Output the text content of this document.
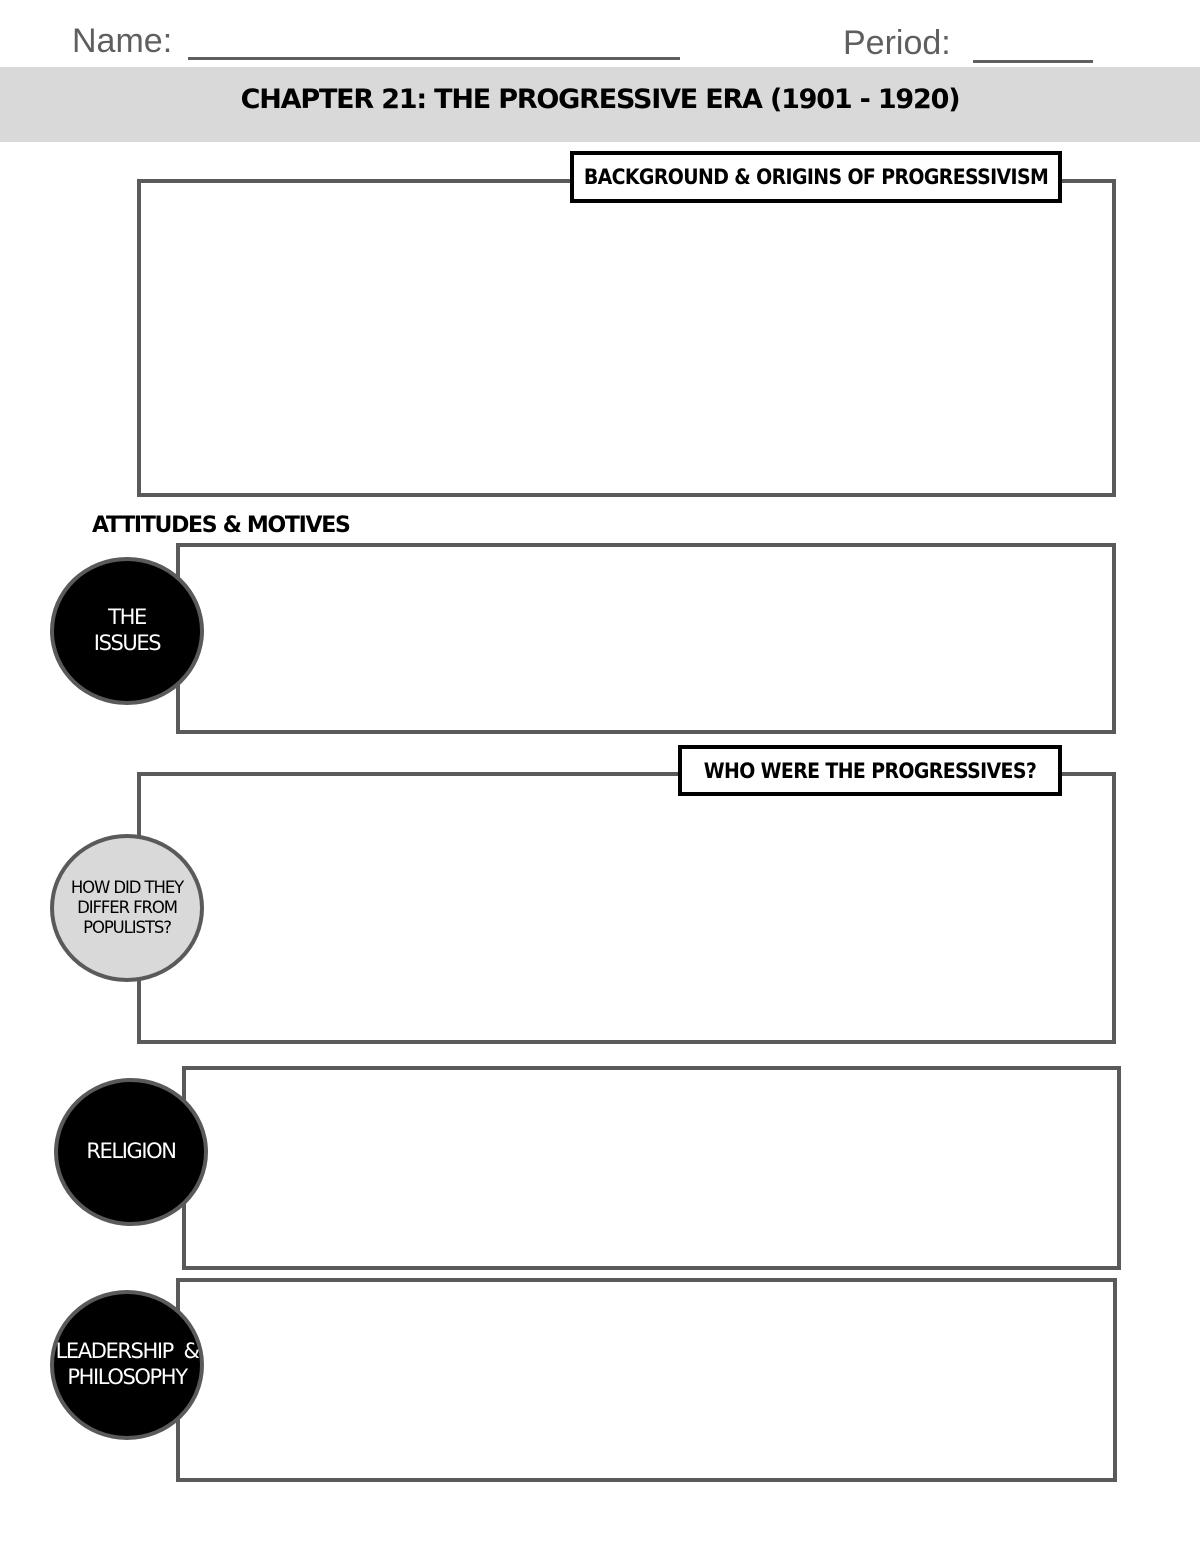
Name:	Period:
CHAPTER 21: THE PROGRESSIVE ERA (1901 - 1920)
BACKGROUND & ORIGINS OF PROGRESSIVISM
ATTITUDES & MOTIVES
THE
ISSUES
WHO WERE THE PROGRESSIVES?
HOW DID THEY
DIFFER FROM
POPULISTS?
RELIGION
LEADERSHIP  &
PHILOSOPHY
